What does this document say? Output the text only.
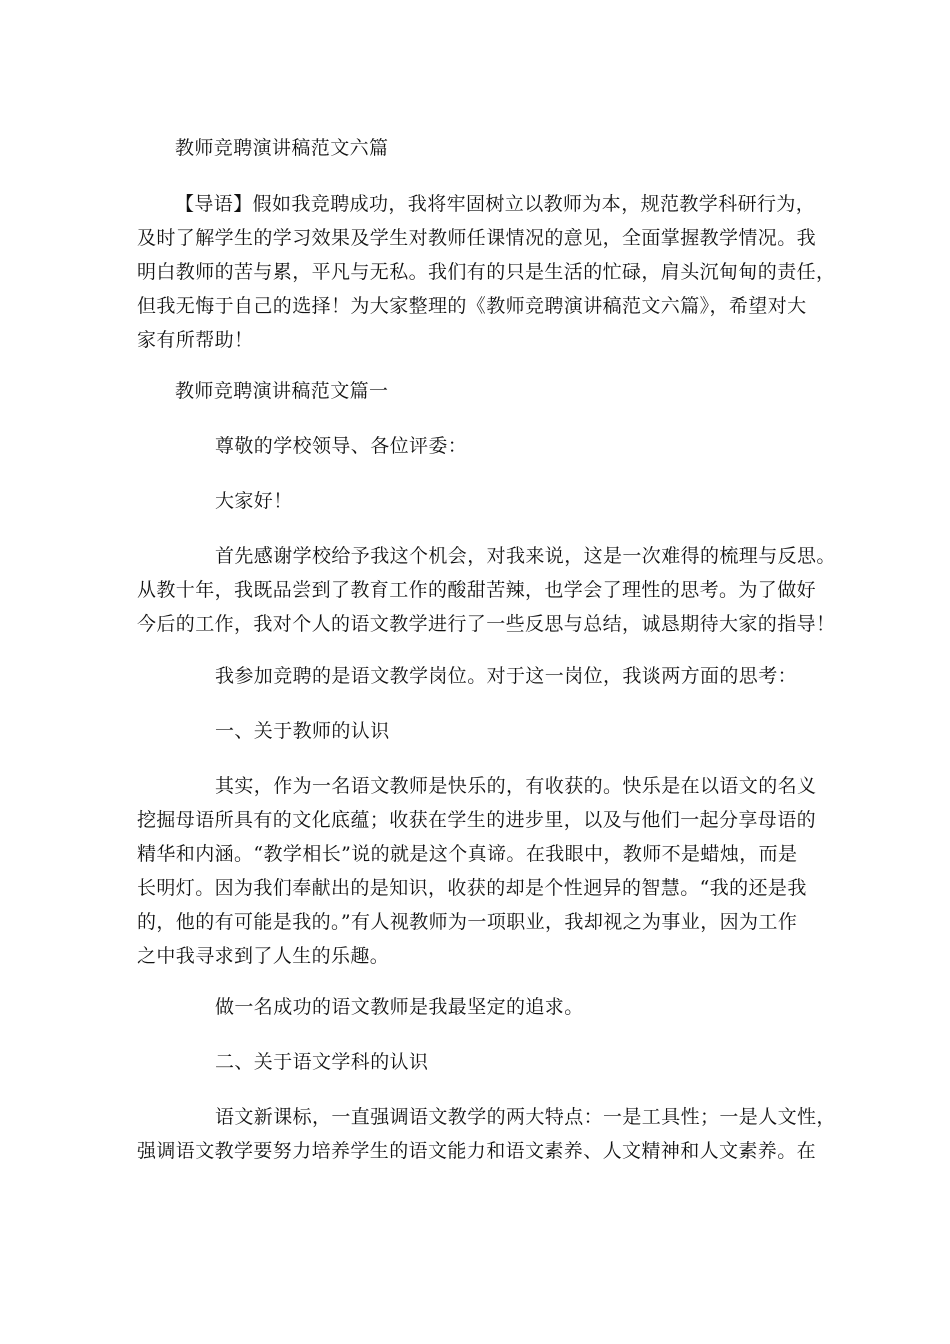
教师竞聘演讲稿范文六篇
【导语】假如我竞聘成功，我将牢固树立以教师为本，规范教学科研行为，
及时了解学生的学习效果及学生对教师任课情况的意见，全面掌握教学情况。我
明白教师的苦与累，平凡与无私。我们有的只是生活的忙碌，肩头沉甸甸的责任，
但我无悔于自己的选择！为大家整理的《教师竞聘演讲稿范文六篇》，希望对大
家有所帮助！
教师竞聘演讲稿范文篇一
尊敬的学校领导、各位评委：
大家好！
首先感谢学校给予我这个机会，对我来说，这是一次难得的梳理与反思。
从教十年，我既品尝到了教育工作的酸甜苦辣，也学会了理性的思考。为了做好
今后的工作，我对个人的语文教学进行了一些反思与总结，诚恳期待大家的指导！
我参加竞聘的是语文教学岗位。对于这一岗位，我谈两方面的思考：
一、关于教师的认识
其实，作为一名语文教师是快乐的，有收获的。快乐是在以语文的名义
挖掘母语所具有的文化底蕴；收获在学生的进步里，以及与他们一起分享母语的
精华和内涵。“教学相长”说的就是这个真谛。在我眼中，教师不是蜡烛，而是
长明灯。因为我们奉献出的是知识，收获的却是个性迥异的智慧。“我的还是我
的，他的有可能是我的。”有人视教师为一项职业，我却视之为事业，因为工作
之中我寻求到了人生的乐趣。
做一名成功的语文教师是我最坚定的追求。
二、关于语文学科的认识
语文新课标，一直强调语文教学的两大特点：一是工具性；一是人文性，
强调语文教学要努力培养学生的语文能力和语文素养、人文精神和人文素养。在
